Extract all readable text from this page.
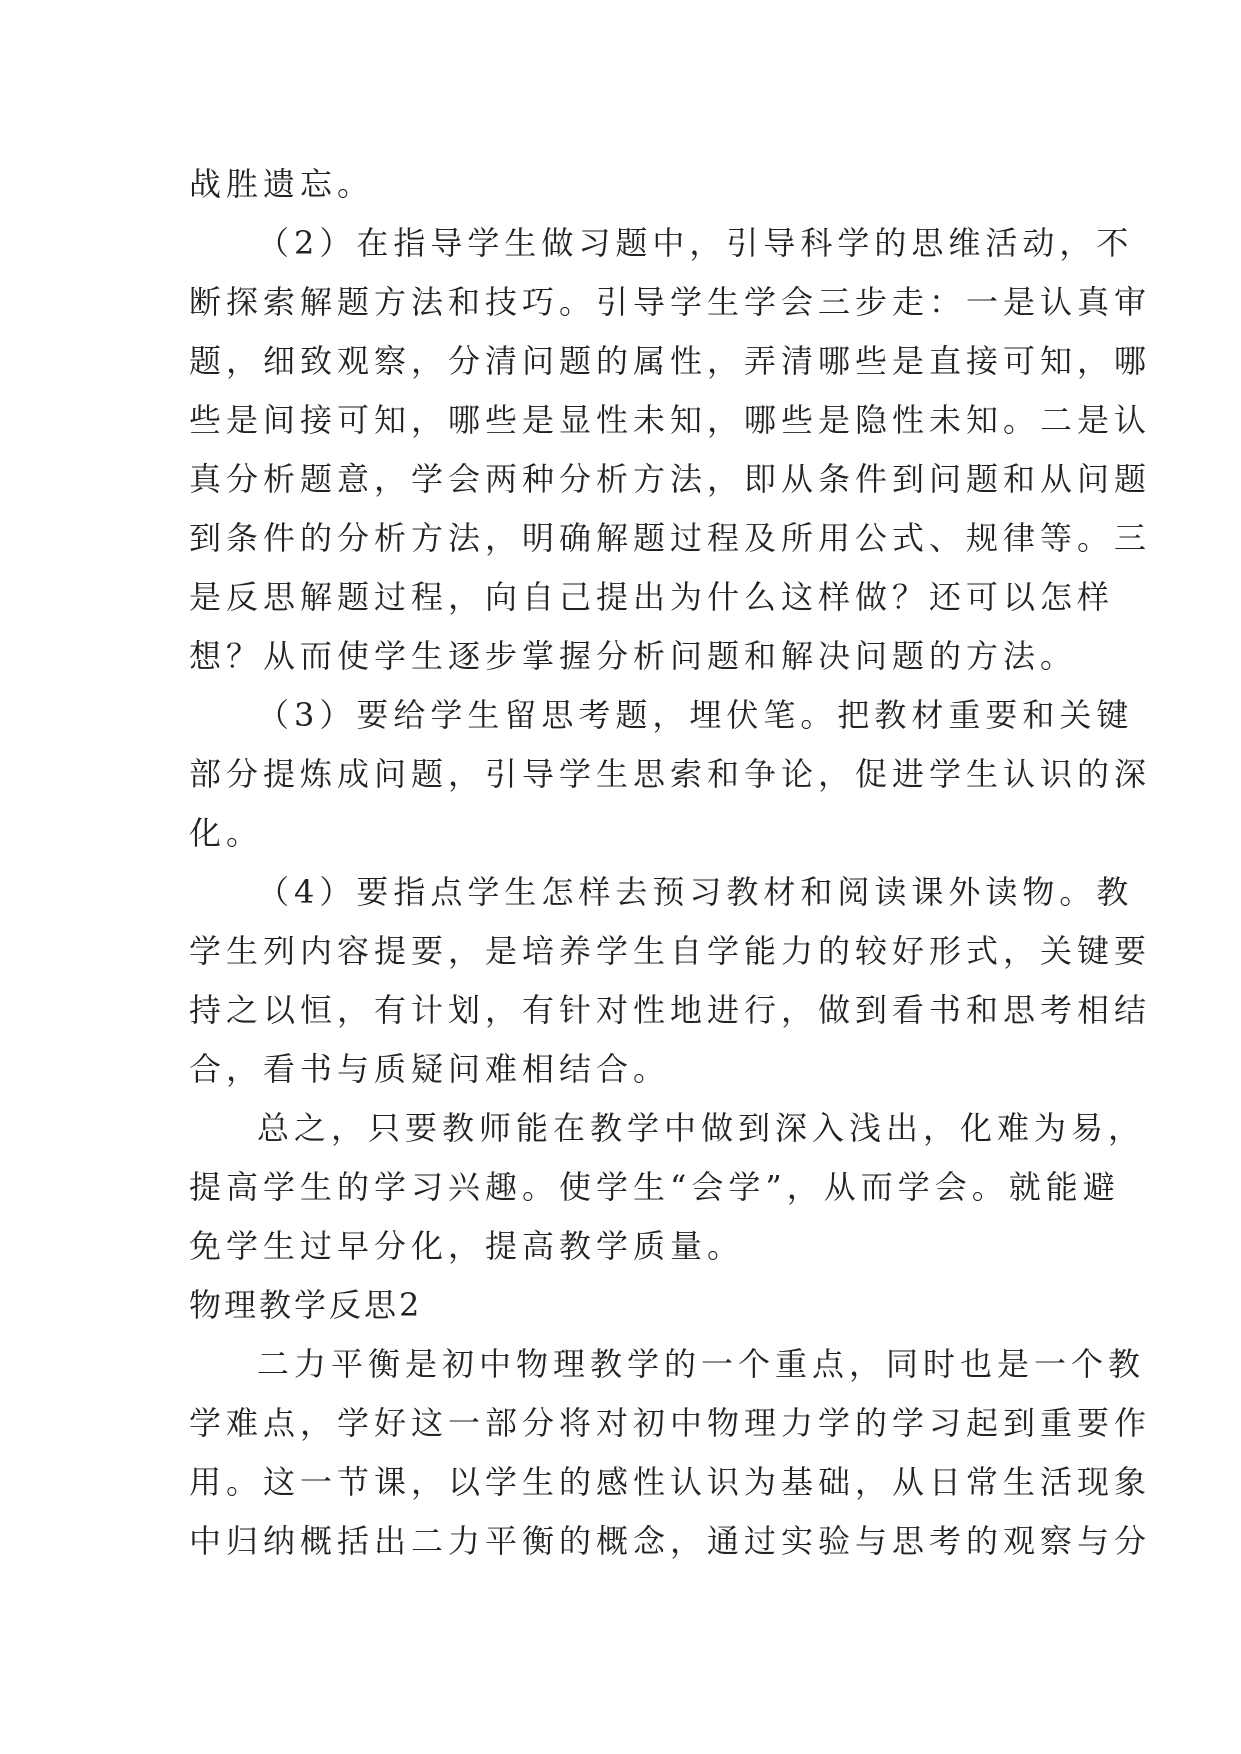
战胜遗忘。
（2）在指导学生做习题中，引导科学的思维活动，不
断探索解题方法和技巧。引导学生学会三步走：一是认真审
题，细致观察，分清问题的属性，弄清哪些是直接可知，哪
些是间接可知，哪些是显性未知，哪些是隐性未知。二是认
真分析题意，学会两种分析方法，即从条件到问题和从问题
到条件的分析方法，明确解题过程及所用公式、规律等。三
是反思解题过程，向自己提出为什么这样做？还可以怎样
想？从而使学生逐步掌握分析问题和解决问题的方法。
（3）要给学生留思考题，埋伏笔。把教材重要和关键
部分提炼成问题，引导学生思索和争论，促进学生认识的深
化。
（4）要指点学生怎样去预习教材和阅读课外读物。教
学生列内容提要，是培养学生自学能力的较好形式，关键要
持之以恒，有计划，有针对性地进行，做到看书和思考相结
合，看书与质疑问难相结合。
总之，只要教师能在教学中做到深入浅出，化难为易，
提高学生的学习兴趣。使学生“会学”，从而学会。就能避
免学生过早分化，提高教学质量。
物理教学反思2
二力平衡是初中物理教学的一个重点，同时也是一个教
学难点，学好这一部分将对初中物理力学的学习起到重要作
用。这一节课，以学生的感性认识为基础，从日常生活现象
中归纳概括出二力平衡的概念，通过实验与思考的观察与分
